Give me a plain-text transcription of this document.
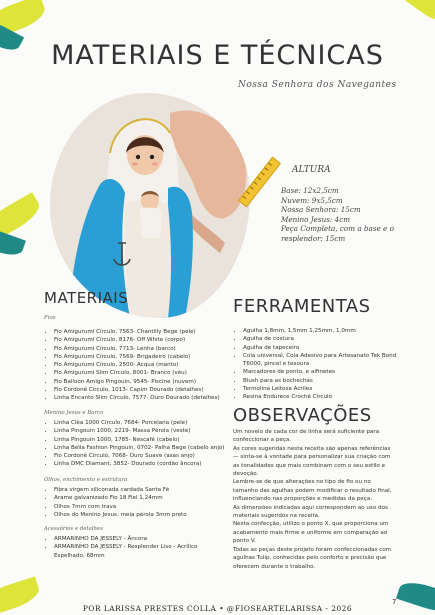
MATERIAIS E TÉCNICAS
Nossa Senhora dos Navegantes
ALTURA
Base: 12x2,5cm
Nuvem: 9x5,5cm
Nossa Senhora: 15cm
Menino Jesus: 4cm
Peça Completa, com a base e o resplendor: 15cm
MATERIAIS
Fios
• Fio Amigurumi Círculo, 7563- Chantilly Bege (pele)
• Fio Amigurumi Círculo, 8176- Off White (corpo)
• Fio Amigurumi Círculo, 7713- Lenha (barco)
• Fio Amigurumi Círculo, 7569- Brigadeiro (cabelo)
• Fio Amigurumi Círculo, 2500- Acqua (manto)
• Fio Amigurumi Slim Círculo, 8001- Branco (véu)
• Fio Balloon Amigo Pingouin, 9545- Piscine (nuvem)
• Fio Cordonê Círculo, 1013- Capim Dourado (detalhes)
• Linha Encanto Slim Círculo, 7577- Ouro Dourado (detalhes)
Menino Jesus e Barco
• Linha Clêa 1000 Círculo, 7684- Porcelana (pele)
• Linha Pingouin 1000, 2219- Massa Pérola (veste)
• Linha Pingouin 1000, 1785- Nescafé (cabelo)
• Linha Bella Fashion Pingouin, 0702- Palha Bege (cabelo anjo)
• Fio Cordonê Círculo, 7068- Ouro Suave (asas anjo)
• Linha DMC Diamant, 3852- Dourado (cordão âncora)
Olhos, enchimento e estrutura
• Fibra virgem siliconada cardada Santa Fé
• Arame galvanizado Fio 18 Fiel 1,24mm
• Olhos 7mm com trava
• Olhos do Menino Jesus: meia pérola 3mm preto
Acessórios e detalhes
• ARMARINHO DA JESSELY - Âncora
• ARMARINHO DA JESSELY - Resplender Liso - Acrílico Espelhado, 68mm
FERRAMENTAS
• Agulha 1,8mm, 1,5mm 1,25mm, 1,0mm
• Agulha de costura
• Agulha de tapeceiro
• Cola universal, Cola Adesivo para Artesanato Tek Bond T6000, pincel e tesoura
• Marcadores de ponto, e alfinetes
• Blush para as bochechas
• Termolina Leitosa Acrilex
• Resina Endurece Crochê Círculo
OBSERVAÇÕES
Um novelo de cada cor de linha será suficiente para confeccionar a peça.
As cores sugeridas nesta receita são apenas referências — sinta-se à vontade para personalizar sua criação com as tonalidades que mais combinam com o seu estilo e devoção.
Lembre-se de que alterações no tipo de fio ou no tamanho das agulhas podem modificar o resultado final, influenciando nas proporções e medidas da peça.
As dimensões indicadas aqui correspondem ao uso dos materiais sugeridos na receita.
Nesta confecção, utilizo o ponto X, que proporciona um acabamento mais firme e uniforme em comparação ao ponto V.
Todas as peças deste projeto foram confeccionadas com agulhas Tulip, conhecidas pelo conforto e precisão que oferecem durante o trabalho.
7
POR LARISSA PRESTES COLLA • @FIOSEARTELARISSA - 2026
